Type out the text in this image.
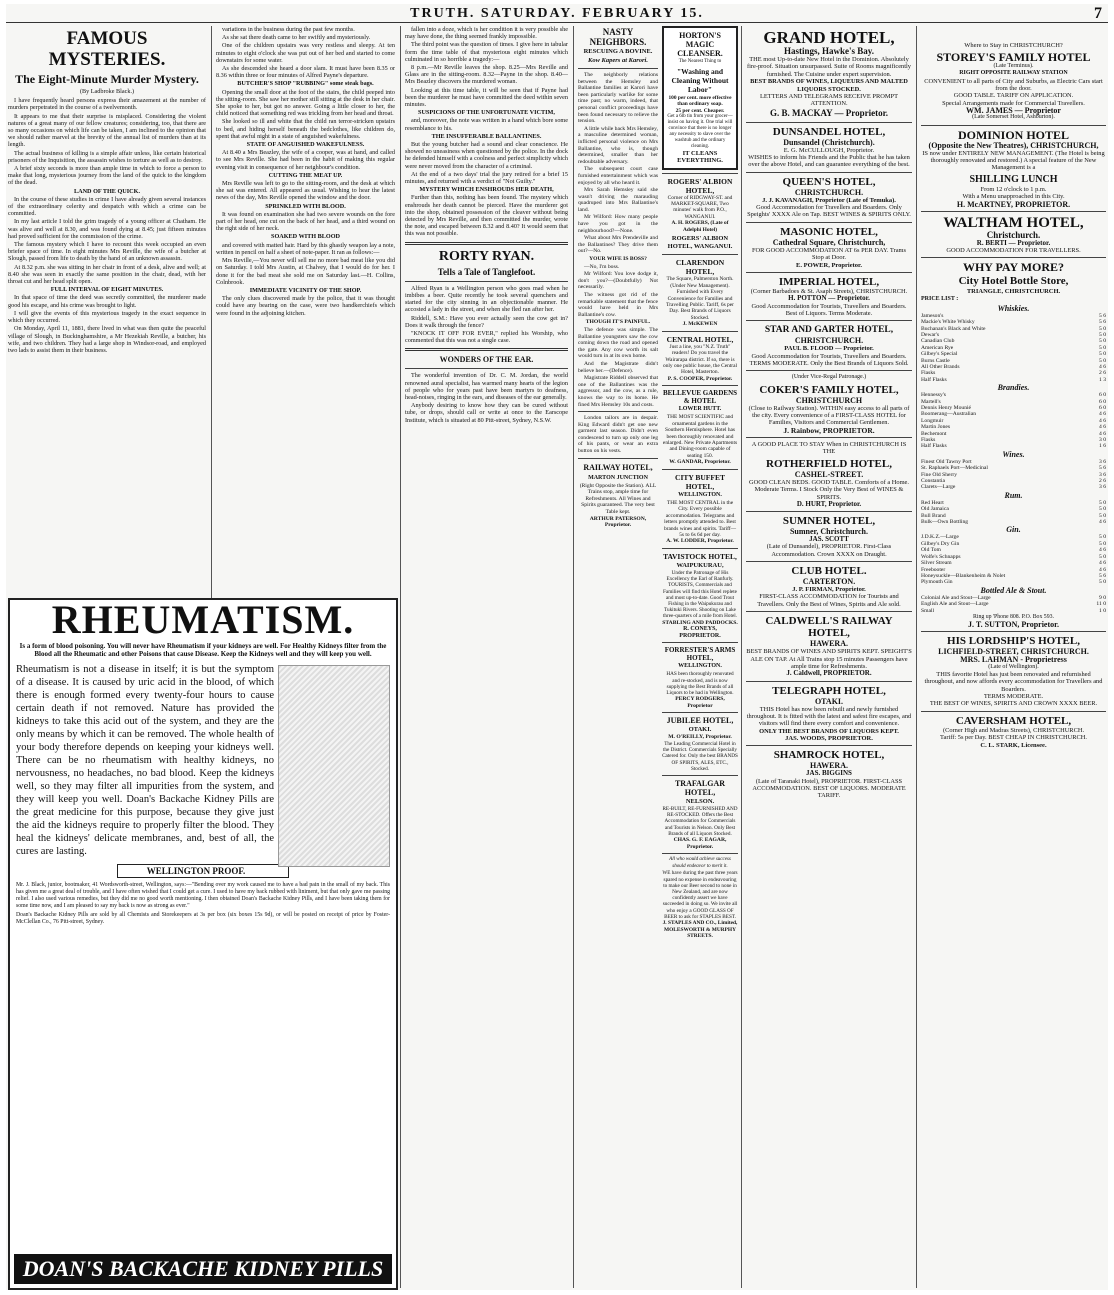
TRUTH. SATURDAY. FEBRUARY 15.	7
FAMOUS MYSTERIES.
The Eight-Minute Murder Mystery.
(By Ladbroke Black.)

I have frequently heard persons express their amazement at the number of murders perpetrated in the course of a twelvemonth.

It appears to me that their surprise is misplaced. Considering the violent natures of a great many of our fellow creatures; considering, too, that there are so many occasions on which life can be taken, I am inclined to the opinion that we should rather marvel at the brevity of the annual list of murders than at its length.

The actual business of killing is a simple affair unless, like certain historical prisoners of the Inquisition, the assassin wishes to torture as well as to destroy.

A brief sixty seconds is more than ample time in which to force a person to make that long, mysterious journey from the land of the quick to the kingdom of the dead.

LAND OF THE QUICK.

In the course of these studies in crime I have already given several instances of the extraordinary celerity and despatch with which a crime can be committed.

In my last article I told the grim tragedy of a young officer at Chatham. He was alive and well at 8.30, and was found dying at 8.45; just fifteen minutes had proved sufficient for the commission of the crime.

The famous mystery which I have to recount this week occupied an even briefer space of time. In eight minutes Mrs Reville, the wife of a butcher at Slough, passed from life to death by the hand of an unknown assassin.

At 8.32 p.m. she was sitting in her chair in front of a desk, alive and well; at 8.40 she was seen in exactly the same position in the chair, dead, with her throat cut and her head split open.

FULL INTERVAL OF EIGHT MINUTES.

In that space of time the deed was secretly committed, the murderer made good his escape, and his crime was brought to light.

I will give the events of this mysterious tragedy in the exact sequence in which they occurred.

On Monday, April 11, 1881, there lived in what was then quite the peaceful village of Slough, in Buckinghamshire, a Mr Hezekiah Reville, a butcher, his wife, and two children. They had a large shop in Windsor-road, and employed two lads to assist them in their business.

RHEUMATISM.
Is a form of blood poisoning. You will never have Rheumatism if your kidneys are well. For Healthy Kidneys filter from the Blood all the Rheumatic and other Poisons that cause Disease. Keep the Kidneys well and they will keep you well.
Rheumatism is not a disease in itself; it is but the symptom of a disease. It is caused by uric acid in the blood, of which there is enough formed every twenty-four hours to cause certain death if not removed. Nature has provided the kidneys to take this acid out of the system, and they are the only means by which it can be removed. The whole health of your body therefore depends on keeping your kidneys well. There can be no rheumatism with healthy kidneys, no nervousness, no headaches, no bad blood. Keep the kidneys well, so they may filter all impurities from the system, and they will keep you well. Doan's Backache Kidney Pills are the great medicine for this purpose, because they give just the aid the kidneys require to properly filter the blood. They heal the kidneys' delicate membranes, and, best of all, the cures are lasting.
WELLINGTON PROOF.
Mr. J. Black, junior, bootmaker, 41 Wordsworth-street, Wellington, says:—"Bending over my work caused me to have a bad pain in the small of my back. This has given me a great deal of trouble, and I have often wished that I could get a cure. I used to have my back rubbed with liniment, but that only gave me passing relief. I also used various remedies, but they did me no good worth mentioning. I then obtained Doan's Backache Kidney Pills, and I have been taking them for some time now, and I am pleased to say my back is now as strong as ever."
Doan's Backache Kidney Pills are sold by all Chemists and Storekeepers at 3s per box (six boxes 15s 9d), or will be posted on receipt of price by Foster-McClellan Co., 76 Pitt-street, Sydney.
DOAN'S BACKACHE KIDNEY PILLS

variations in the business during the past few months.

As she sat there death came to her swiftly and mysteriously.

One of the children upstairs was very restless and sleepy. At ten minutes to eight o'clock she was put out of her bed and started to come downstairs for some water.

As she descended she heard a door slam. It must have been 8.35 or 8.36 within three or four minutes of Alfred Payne's departure.

BUTCHER'S SHOP "RUBBING" some steak bags.

Opening the small door at the foot of the stairs, the child peeped into the sitting-room. She saw her mother still sitting at the desk in her chair. She spoke to her, but got no answer. Going a little closer to her, the child noticed that something red was trickling from her head and throat.

She looked so ill and white that the child ran terror-stricken upstairs to bed, and hiding herself beneath the bedclothes, like children do, spent that awful night in a state of anguished wakefulness.

STATE OF ANGUISHED WAKEFULNESS.

At 8.40 a Mrs Beazley, the wife of a cooper, was at hand, and called to see Mrs Reville. She had been in the habit of making this regular evening visit in consequence of her neighbour's condition.

CUTTING THE MEAT UP.

Mrs Reville was left to go to the sitting-room, and the desk at which she sat was entered. All appeared as usual. Wishing to hear the latest news of the day, Mrs Reville opened the window and the door.

SPRINKLED WITH BLOOD.

It was found on examination she had two severe wounds on the fore part of her head, one cut on the back of her head, and a third wound on the right side of her neck.

SOAKED WITH BLOOD

and covered with matted hair. Hard by this ghastly weapon lay a note, written in pencil on half a sheet of note-paper. It ran as follows:—

Mrs Reville,—You never will sell me no more bad meat like you did on Saturday. I told Mrs Austin, at Chalvey, that I would do for her. I done it for the bad meat she sold me on Saturday last.—H. Collins, Colnbrook.

IMMEDIATE VICINITY OF THE SHOP.

The only clues discovered made by the police, that it was thought could have any bearing on the case, were two handkerchiefs which were found in the adjoining kitchen.

fallen into a doze, which is her condition it is very possible she may have done, the thing seemed frankly impossible.

The third point was the question of times. I give here in tabular form the time table of that mysterious eight minutes which culminated in so horrible a tragedy:—

8 p.m.—Mr Reville leaves the shop. 8.25—Mrs Reville and Glass are in the sitting-room. 8.32—Payne in the shop. 8.40—Mrs Beazley discovers the murdered woman.

Looking at this time table, it will be seen that if Payne had been the murderer he must have committed the deed within seven minutes.

SUSPICIONS OF THE UNFORTUNATE VICTIM,

and, moreover, the note was written in a hand which bore some resemblance to his.

THE INSUFFERABLE BALLANTINES.

But the young butcher had a sound and clear conscience. He showed no uneasiness when questioned by the police. In the dock he defended himself with a coolness and perfect simplicity which were never moved from the character of a criminal.

At the end of a two days' trial the jury retired for a brief 15 minutes, and returned with a verdict of "Not Guilty."

MYSTERY WHICH ENSHROUDS HER DEATH,

Further than this, nothing has been found. The mystery which enshrouds her death cannot be pierced. Have the murderer got into the shop, obtained possession of the cleaver without being detected by Mrs Reville, and then committed the murder, wrote the note, and escaped between 8.32 and 8.40? It would seem that this was not possible.

RORTY RYAN.
Tells a Tale of Tanglefoot.

Alfred Ryan is a Wellington person who goes mad when he imbibes a beer. Quite recently he took several quenchers and started for the city sinning in an objectionable manner. He accosted a lady in the street, and when she fled ran after her.

Riddell, S.M.: Have you ever actually seen the cow get in? Does it walk through the fence?

"KNOCK IT OFF FOR EVER," replied his Worship, who commented that this was not a single case.

WONDERS OF THE EAR.

The wonderful invention of Dr. C. M. Jordan, the world renowned aural specialist, has warmed many hearts of the legion of people who for years past have been martyrs to deafness, head-noises, ringing in the ears, and diseases of the ear generally.

Anybody desiring to know how they can be cured without tube, or drops, should call or write at once to the Earscope Institute, which is situated at 80 Pitt-street, Sydney, N.S.W.

NASTY NEIGHBORS.
RESCUING A BOVINE.
Kow Kapers at Karori.

The neighborly relations between the Hemsley and Ballantine families at Karori have been particularly warlike for some time past; no warm, indeed, that personal conflict proceedings have been found necessary to relieve the tension.

A little while back Mrs Hemsley, a masculine determined woman, inflicted personal violence on Mrs Ballantine, who is, though determined, smaller than her redoubtable adversary.

The subsequent court case furnished entertainment which was enjoyed by all who heard it.

Mrs Sarah Hemsley said she wasn't driving the marauding quadruped into Mrs Ballantine's land.

Mr Wilford: How many people have you got in the neighbourhood?—None.

What about Mrs Prendeville and the Ballantines? They drive them out?—No.

YOUR WIFE IS BOSS?

—No, I'm boss.

Mr Wilford: You love dodge it, don't you?—(Doubtfully) Not necessarily.

The witness got rid of the remarkable statement that the fence would have held in Mrs Ballantine's cow.

THOUGH IT'S PAINFUL.

The defence was simple. The Ballantine youngsters saw the cow coming down the road and opened the gate. Any cow worth its salt would turn in at its own home.

And the Magistrate didn't believe her.—(Defence).

Magistrate Riddell observed that one of the Ballantines was the aggressor, and the cow, as a rule, knows the way to its home. He fined Mrs Hemsley 10s and costs.

London tailors are in despair. King Edward didn't get one new garment last season. Didn't even condescend to turn up only one leg of his pants, or wear an extra button on his vests.

RAILWAY HOTEL,
MARTON JUNCTION
(Right Opposite the Station). ALL Trains stop, ample time for Refreshments. All Wines and Spirits guaranteed. The very best Table kept.
ARTHUR PATERSON, Proprietor.
HORTON'S MAGIC CLEANSER.
The Nearest Thing to
"Washing and Cleaning Without Labor"
100 per cent. more effective than ordinary soap.
25 per cent. Cheaper.
Get a 6lb tin from your grocer—insist on having it. One trial will convince that there is no longer any necessity to slave over the washtub and the ordinary cleaning.
IT CLEANS EVERYTHING.
ROGERS' ALBION HOTEL,
Corner of RIDGWAY-ST. and MARKET-SQUARE, Two minutes' walk from P.O., WANGANUI.
A. H. ROGERS, (Late of Adelphi Hotel)
ROGERS' ALBION HOTEL, WANGANUI.
CLARENDON HOTEL,
The Square, Palmerston North. (Under New Management). Furnished with Every Convenience for Families and Travelling Public. Tariff, 6s per Day. Best Brands of Liquors Stocked.
J. McKEWEN
CENTRAL HOTEL,
Just a line, you "N.Z. Truth" readers! Do you travel the Wairarapa district. If so, there is only one public house, the Central Hotel, Masterton.
P. S. COOPER, Proprietor.
BELLEVUE GARDENS & HOTEL
LOWER HUTT.
THE MOST SCIENTIFIC and ornamental gardens in the Southern Hemisphere. Hotel has been thoroughly renovated and enlarged. New Private Apartments and Dining-room capable of seating 150.
W. GANDAR, Proprietor.
CITY BUFFET HOTEL,
WELLINGTON.
THE MOST CENTRAL in the City. Every possible accommodation. Telegrams and letters promptly attended to. Best brands wines and spirits. Tariff—5s to 6s 6d per day.
A. W. LODDER, Proprietor.
TAVISTOCK HOTEL,
WAIPUKURAU,
Under the Patronage of His Excellency the Earl of Ranfurly.
TOURISTS, Commercials and Families will find this Hotel replete and most up-to-date. Good Trout Fishing in the Waipukurau and Tukituki Rivers. Shooting on Lake three-quarters of a mile from Hotel.
STABLING AND PADDOCKS.
R. CONEYS, PROPRIETOR.
FORRESTER'S ARMS HOTEL,
WELLINGTON.
HAS been thoroughly renovated and re-stocked, and is now supplying the Best Brands of all Liquors to be had in Wellington.
PERCY RODGERS, Proprietor
JUBILEE HOTEL,
OTAKI.
M. O'REILLY, Proprietor.
The Leading Commercial Hotel in the District. Commercials Specially Catered for. Only the best BRANDS OF SPIRITS, ALES, ETC., Stocked.
TRAFALGAR HOTEL,
NELSON.
RE-BUILT, RE-FURNISHED AND RE-STOCKED. Offers the Best Accommodation for Commercials and Tourists in Nelson. Only Best Brands of all Liquors Stocked.
CHAS. G. F. EAGAR, Proprietor.
All who would achieve success should endeavor to merit it.
WE have during the past three years spared no expense in endeavouring to make our Beer second to none in New Zealand, and are now confidently assert we have succeeded in doing so. We invite all who enjoy a GOOD GLASS OF BEER to ask for STAPLES BEST.
J. STAPLES AND CO., Limited, MOLESWORTH & MURPHY STREETS.
GRAND HOTEL,
Hastings, Hawke's Bay.
THE most Up-to-date New Hotel in the Dominion. Absolutely fire-proof. Situation unsurpassed. Suite of Rooms magnificently furnished. The Cuisine under expert supervision.
BEST BRANDS OF WINES, LIQUEURS AND MALTED LIQUORS STOCKED.
LETTERS AND TELEGRAMS RECEIVE PROMPT ATTENTION.
G. B. MACKAY — Proprietor.
DUNSANDEL HOTEL,
Dunsandel (Christchurch).
E. G. McCULLOUGH, Proprietor.
WISHES to inform his Friends and the Public that he has taken over the above Hotel, and can guarantee everything of the best.
QUEEN'S HOTEL,
CHRISTCHURCH.
J. J. KAVANAGH, Proprietor (Late of Temuka).
Good Accommodation for Travellers and Boarders. Only Speights' XXXX Ale on Tap. BEST WINES & SPIRITS ONLY.
MASONIC HOTEL,
Cathedral Square, Christchurch,
FOR GOOD ACCOMMODATION AT 6s PER DAY. Trams Stop at Door.
E. POWER, Proprietor.
IMPERIAL HOTEL,
(Corner Barbadoes & St. Asaph Streets), CHRISTCHURCH.
H. POTTON — Proprietor.
Good Accommodation for Tourists, Travellers and Boarders. Best of Liquors. Terms Moderate.
STAR AND GARTER HOTEL,
CHRISTCHURCH.
PAUL B. FLOOD — Proprietor.
Good Accommodation for Tourists, Travellers and Boarders. TERMS MODERATE. Only the Best Brands of Liquors Sold.
(Under Vice-Regal Patronage.)
COKER'S FAMILY HOTEL,
CHRISTCHURCH
(Close to Railway Station). WITHIN easy access to all parts of the city. Every convenience of a FIRST-CLASS HOTEL for Families, Visitors and Commercial Gentlemen.
J. Rainbow, PROPRIETOR.
A GOOD PLACE TO STAY When in CHRISTCHURCH IS THE
ROTHERFIELD HOTEL,
CASHEL-STREET.
GOOD CLEAN BEDS. GOOD TABLE. Comforts of a Home. Moderate Terms. I Stock Only the Very Best of WINES & SPIRITS.
D. HURT, Proprietor.
SUMNER HOTEL,
Sumner, Christchurch.
JAS. SCOTT
(Late of Dunsandel), PROPRIETOR. First-Class Accommodation. Crown XXXX on Draught.
CLUB HOTEL.
CARTERTON.
J. P. FIRMAN, Proprietor.
FIRST-CLASS ACCOMMODATION for Tourists and Travellers. Only the Best of Wines, Spirits and Ale sold.
CALDWELL'S RAILWAY HOTEL,
HAWERA.
BEST BRANDS OF WINES AND SPIRITS KEPT. SPEIGHT'S ALE ON TAP. At All Trains stop 15 minutes Passengers have ample time for Refreshments.
J. Caldwell, PROPRIETOR.
TELEGRAPH HOTEL,
OTAKI.
THIS Hotel has now been rebuilt and newly furnished throughout. It is fitted with the latest and safest fire escapes, and visitors will find there every comfort and convenience.
ONLY THE BEST BRANDS OF LIQUORS KEPT.
JAS. WOODS, PROPRIETOR.
SHAMROCK HOTEL,
HAWERA.
JAS. BIGGINS
(Late of Taranaki Hotel), PROPRIETOR. FIRST-CLASS ACCOMMODATION. BEST OF LIQUORS. MODERATE TARIFF.
Where to Stay in CHRISTCHURCH?
STOREY'S FAMILY HOTEL
(Late Terminus).
RIGHT OPPOSITE RAILWAY STATION
CONVENIENT to all parts of City and Suburbs, as Electric Cars start from the door.
GOOD TABLE. TARIFF ON APPLICATION.
Special Arrangements made for Commercial Travellers.
WM. JAMES — Proprietor
(Late Somerset Hotel, Ashburton).
DOMINION HOTEL
(Opposite the New Theatres), CHRISTCHURCH,
IS now under ENTIRELY NEW MANAGEMENT. (The Hotel is being thoroughly renovated and restored.) A special feature of the New Management is a
SHILLING LUNCH
From 12 o'clock to 1 p.m.
With a Menu unapproached in this City.
H. McARTNEY, PROPRIETOR.
WALTHAM HOTEL,
Christchurch.
R. BERTI — Proprietor.
GOOD ACCOMMODATION FOR TRAVELLERS.
WHY PAY MORE?
City Hotel Bottle Store,
TRIANGLE, CHRISTCHURCH.
PRICE LIST :
Whiskies.
Jameson's	5 6
Mackie's White Whisky	5 6
Buchanan's Black and White	5 0
Dewar's	5 0
Canadian Club	5 0
American Rye	5 0
Gilbey's Special	5 0
Burns Castle	5 0
All Other Brands	4 6
Flasks	2 6
Half Flasks	1 3
Brandies.
Hennessy's	6 0
Martell's	6 0
Dennis Henry Mounié	6 0
Boomerang—Australian	4 6
Longmuir	4 6
Martin Jones	4 6
Bechemont	4 6
Flasks	3 0
Half Flasks	1 6
Wines.
Finest Old Tawny Port	3 6
St. Raphaels Port—Medicinal	5 6
Fine Old Sherry	3 6
Constantia	2 6
Clarets—Large	3 6
Rum.
Red Heart	5 0
Old Jamaica	5 0
Bull Brand	5 0
Bulk—Own Bottling	4 6
Gin.
J.D.K.Z.—Large	5 0
Gilbey's Dry Gin	5 0
Old Tom	4 6
Wolfe's Schnapps	5 0
Silver Stream	4 6
Freebooter	4 6
Honeysuckle—Blankenheim & Nolet	5 6
Plymouth Gin	5 0
Bottled Ale & Stout.
Colonial Ale and Stout—Large	9 0
English Ale and Stout—Large	11 0
Small	1 0
Ring up 'Phone 808. P.O. Box 593.
J. T. SUTTON, Proprietor.
HIS LORDSHIP'S HOTEL,
LICHFIELD-STREET, CHRISTCHURCH.
MRS. LAHMAN - Proprietress
(Late of Wellington).
THIS favorite Hotel has just been renovated and refurnished throughout, and now affords every accommodation for Travellers and Boarders.
TERMS MODERATE.
THE BEST OF WINES, SPIRITS AND CROWN XXXX BEER.
CAVERSHAM HOTEL,
(Corner High and Madras Streets), CHRISTCHURCH.
Tariff: 5s per Day. BEST CHEAP IN CHRISTCHURCH.
C. L. STARK, Licensee.
